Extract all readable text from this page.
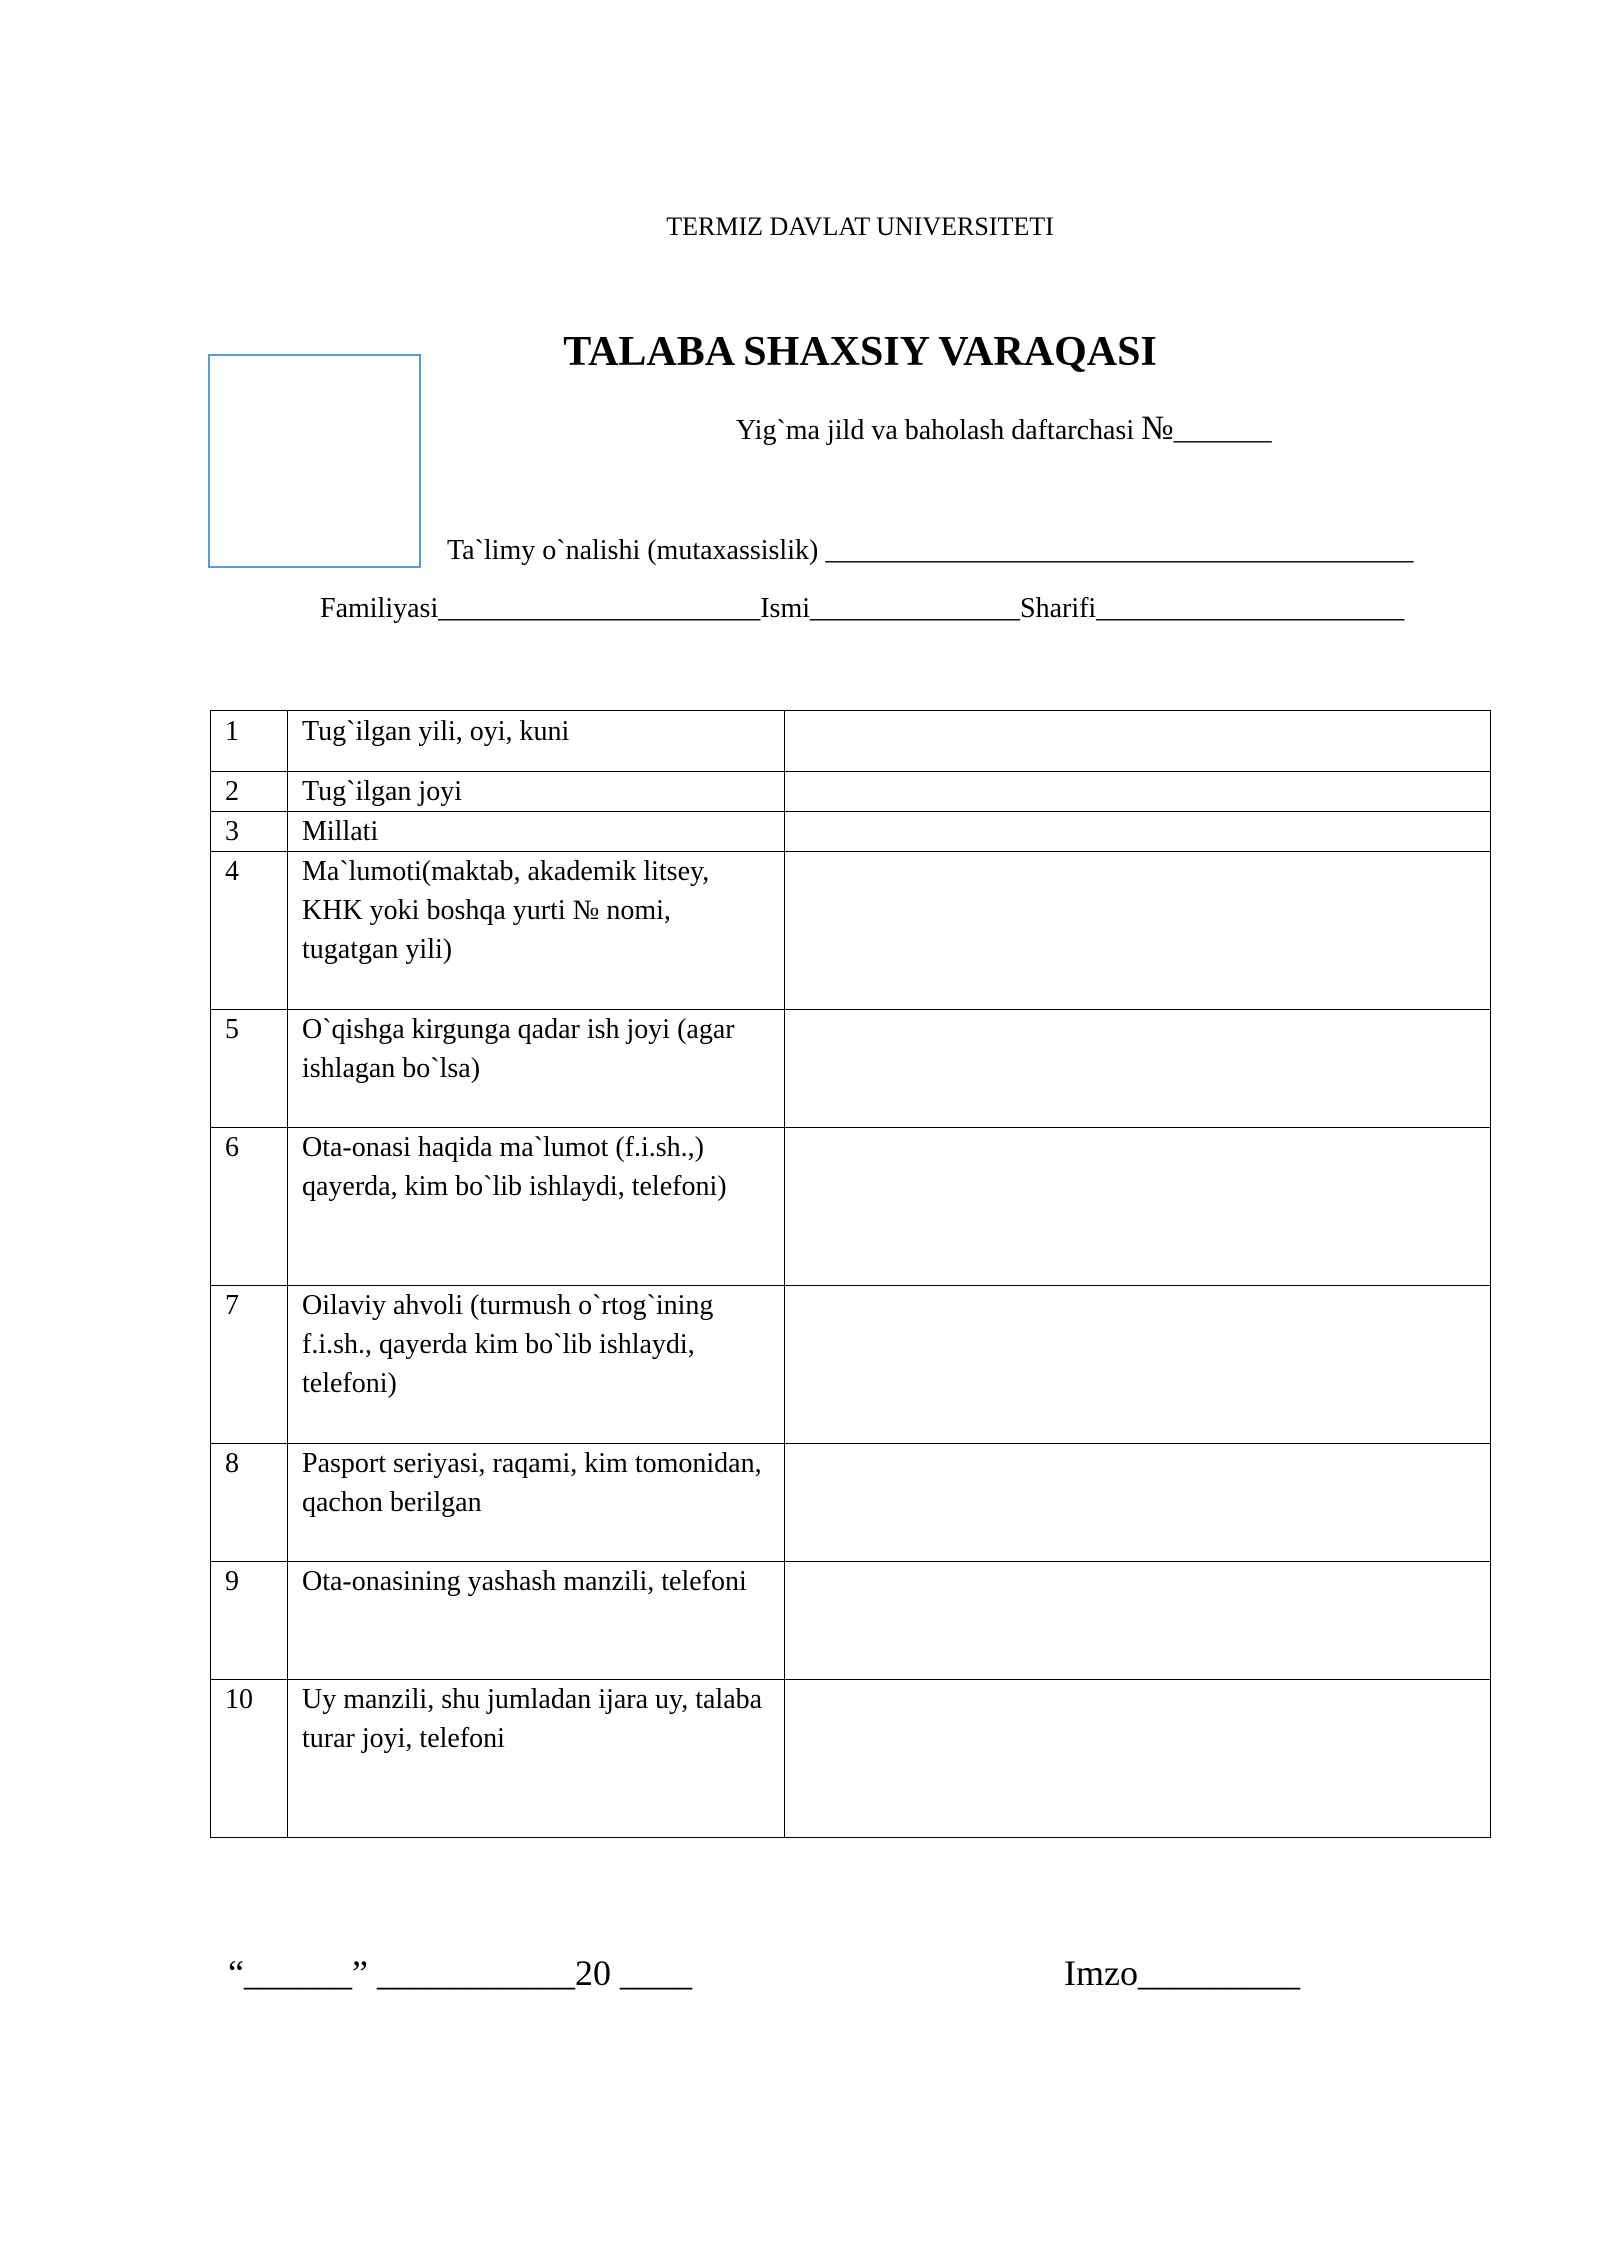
TERMIZ DAVLAT UNIVERSITETI
TALABA SHAXSIY VARAQASI
Yig`ma jild va baholash daftarchasi №_______
Ta`limy o`nalishi (mutaxassislik) __________________________________________
Familiyasi_______________________Ismi_______________Sharifi______________________
1	Tug`ilgan yili, oyi, kuni	
2	Tug`ilgan joyi	
3	Millati	
4	Ma`lumoti(maktab, akademik litsey, KHK yoki boshqa yurti № nomi, tugatgan yili)	
5	O`qishga kirgunga qadar ish joyi (agar ishlagan bo`lsa)	
6	Ota-onasi haqida ma`lumot (f.i.sh.,) qayerda, kim bo`lib ishlaydi, telefoni)	
7	Oilaviy ahvoli (turmush o`rtog`ining f.i.sh., qayerda kim bo`lib ishlaydi, telefoni)	
8	Pasport seriyasi, raqami, kim tomonidan, qachon berilgan	
9	Ota-onasining yashash manzili, telefoni	
10	Uy manzili, shu jumladan ijara uy, talaba turar joyi, telefoni	
“______” ___________20 ____	Imzo_________
